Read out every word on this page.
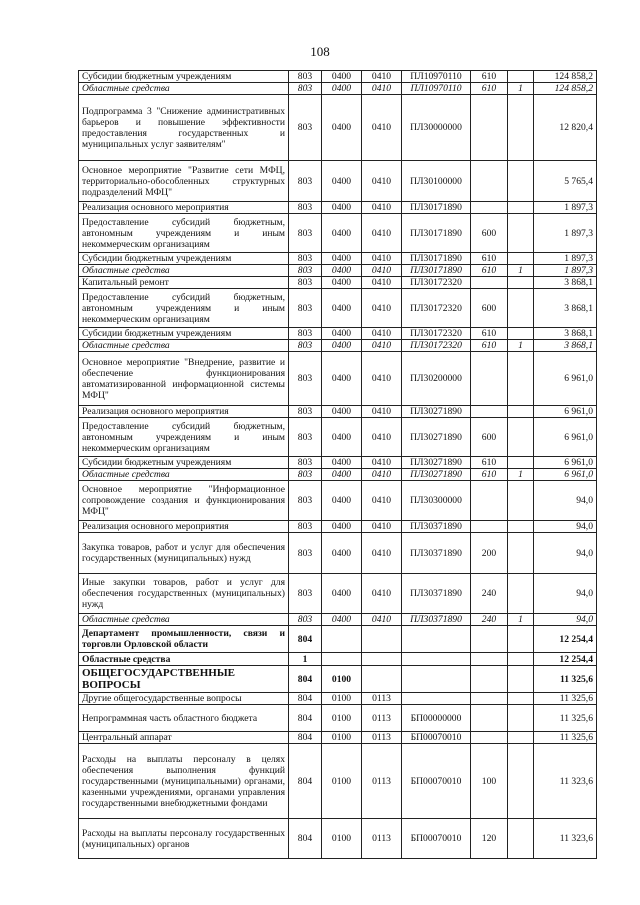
108
Субсидии бюджетным учреждениям	803	0400	0410	ПЛ10970110	610		124 858,2
Областные средства	803	0400	0410	ПЛ10970110	610	1	124 858,2
Подпрограмма 3 "Снижение административных барьеров и повышение эффективности предоставления государственных и муниципальных услуг заявителям"	803	0400	0410	ПЛ30000000			12 820,4
Основное мероприятие "Развитие сети МФЦ, территориально-обособленных структурных подразделений МФЦ"	803	0400	0410	ПЛ30100000			5 765,4
Реализация основного мероприятия	803	0400	0410	ПЛ30171890			1 897,3
Предоставление субсидий бюджетным, автономным учреждениям и иным некоммерческим организациям	803	0400	0410	ПЛ30171890	600		1 897,3
Субсидии бюджетным учреждениям	803	0400	0410	ПЛ30171890	610		1 897,3
Областные средства	803	0400	0410	ПЛ30171890	610	1	1 897,3
Капитальный ремонт	803	0400	0410	ПЛ30172320			3 868,1
Предоставление субсидий бюджетным, автономным учреждениям и иным некоммерческим организациям	803	0400	0410	ПЛ30172320	600		3 868,1
Субсидии бюджетным учреждениям	803	0400	0410	ПЛ30172320	610		3 868,1
Областные средства	803	0400	0410	ПЛ30172320	610	1	3 868,1
Основное мероприятие "Внедрение, развитие и обеспечение функционирования автоматизированной информационной системы МФЦ"	803	0400	0410	ПЛ30200000			6 961,0
Реализация основного мероприятия	803	0400	0410	ПЛ30271890			6 961,0
Предоставление субсидий бюджетным, автономным учреждениям и иным некоммерческим организациям	803	0400	0410	ПЛ30271890	600		6 961,0
Субсидии бюджетным учреждениям	803	0400	0410	ПЛ30271890	610		6 961,0
Областные средства	803	0400	0410	ПЛ30271890	610	1	6 961,0
Основное мероприятие "Информационное сопровождение создания и функционирования МФЦ"	803	0400	0410	ПЛ30300000			94,0
Реализация основного мероприятия	803	0400	0410	ПЛ30371890			94,0
Закупка товаров, работ и услуг для обеспечения государственных (муниципальных) нужд	803	0400	0410	ПЛ30371890	200		94,0
Иные закупки товаров, работ и услуг для обеспечения государственных (муниципальных) нужд	803	0400	0410	ПЛ30371890	240		94,0
Областные средства	803	0400	0410	ПЛ30371890	240	1	94,0
Департамент промышленности, связи и торговли Орловской области	804						12 254,4
Областные средства	1						12 254,4
ОБЩЕГОСУДАРСТВЕННЫЕ ВОПРОСЫ	804	0100					11 325,6
Другие общегосударственные вопросы	804	0100	0113				11 325,6
Непрограммная часть областного бюджета	804	0100	0113	БП00000000			11 325,6
Центральный аппарат	804	0100	0113	БП00070010			11 325,6
Расходы на выплаты персоналу в целях обеспечения выполнения функций государственными (муниципальными) органами, казенными учреждениями, органами управления государственными внебюджетными фондами	804	0100	0113	БП00070010	100		11 323,6
Расходы на выплаты персоналу государственных (муниципальных) органов	804	0100	0113	БП00070010	120		11 323,6
